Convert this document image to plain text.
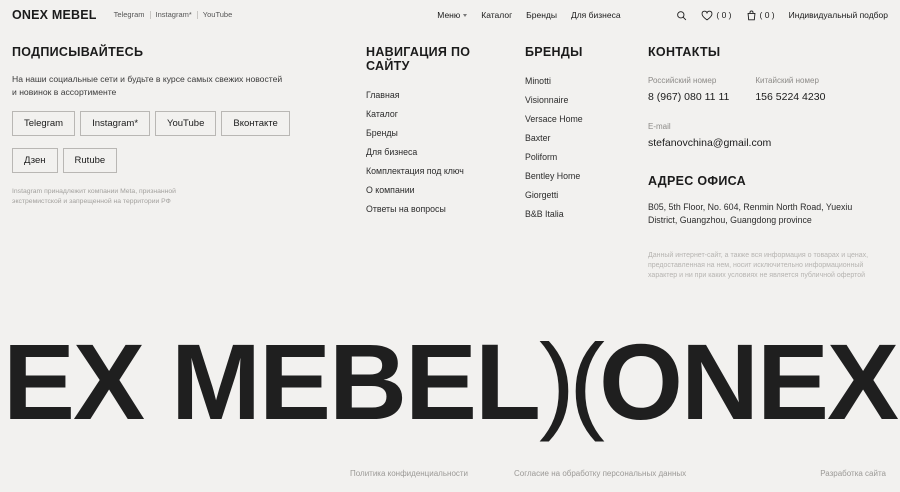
ONEX MEBEL	Telegram	Instagram*	YouTube	Меню Каталог Бренды Для бизнеса	( 0 )	( 0 ) Индивидуальный подбор
ПОДПИСЫВАЙТЕСЬ
На наши социальные сети и будьте в курсе самых свежих новостей и новинок в ассортименте
Telegram	Instagram*	YouTube	Вконтакте
Дзен	Rutube
Instagram принадлежит компании Meta, признанной экстремистской и запрещенной на территории РФ
НАВИГАЦИЯ ПО САЙТУ
Главная
Каталог
Бренды
Для бизнеса
Комплектация под ключ
О компании
Ответы на вопросы
БРЕНДЫ
Minotti
Visionnaire
Versace Home
Baxter
Poliform
Bentley Home
Giorgetti
B&B Italia
КОНТАКТЫ
Российский номер
8 (967) 080 11 11
Китайский номер
156 5224 4230
E-mail
stefanovchina@gmail.com
АДРЕС ОФИСА
B05, 5th Floor, No. 604, Renmin North Road, Yuexiu District, Guangzhou, Guangdong province
Данный интернет-сайт, а также вся информация о товарах и ценах, предоставленная на нем, носит исключительно информационный характер и ни при каких условиях не является публичной офертой
EX MEBEL)(ONEX
Политика конфиденциальности	Согласие на обработку персональных данных	Разработка сайта
